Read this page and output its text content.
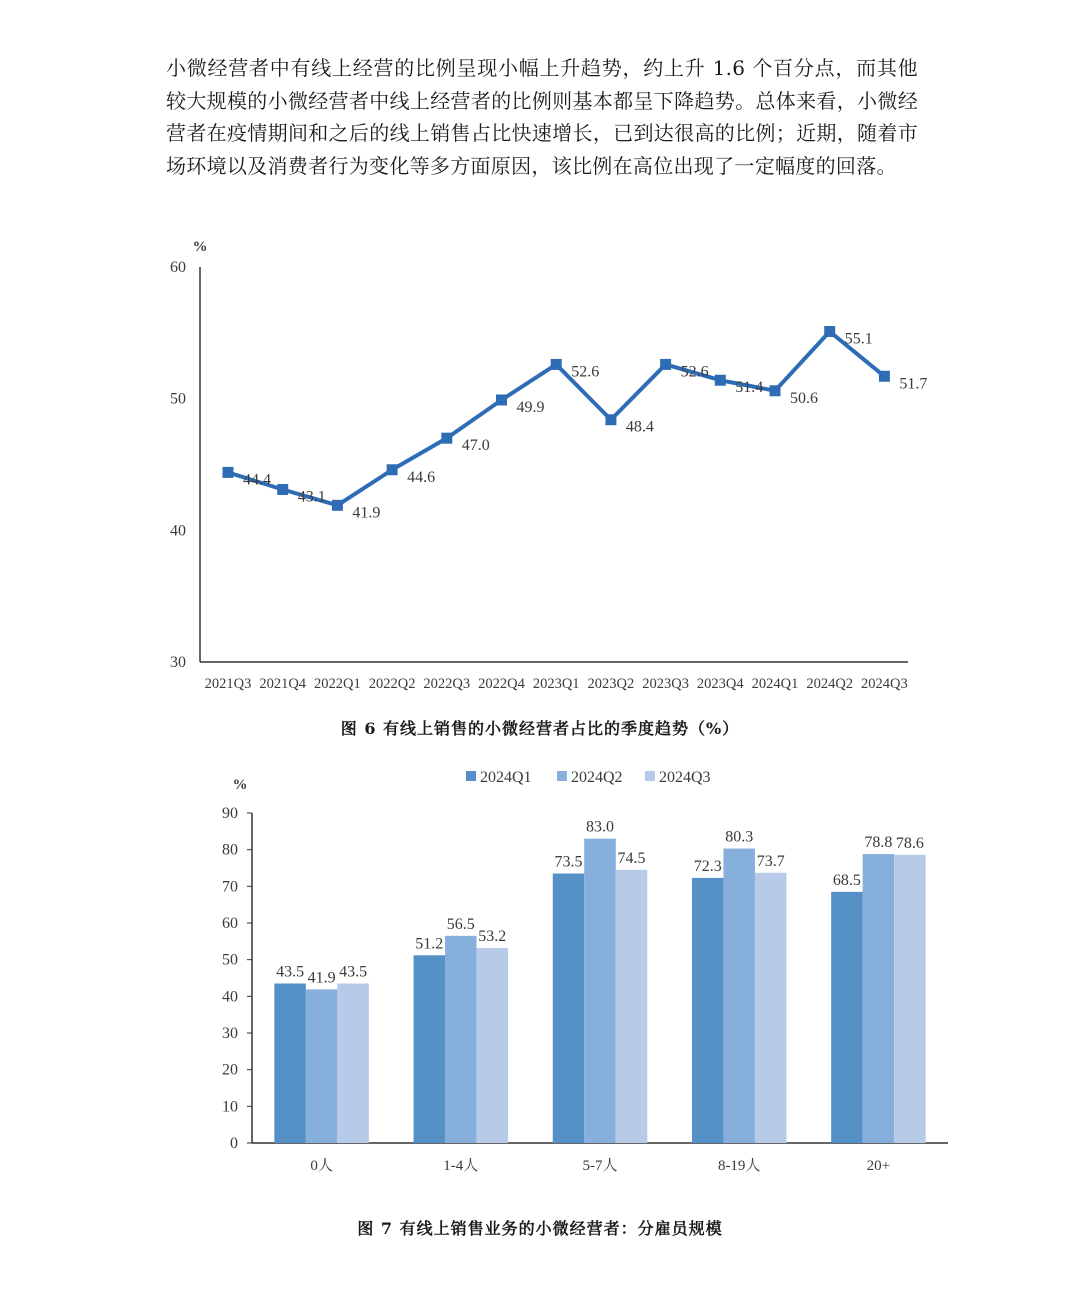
小微经营者中有线上经营的比例呈现小幅上升趋势，约上升 1.6 个百分点，而其他较大规模的小微经营者中线上经营者的比例则基本都呈下降趋势。总体来看，小微经营者在疫情期间和之后的线上销售占比快速增长，已到达很高的比例；近期，随着市场环境以及消费者行为变化等多方面原因，该比例在高位出现了一定幅度的回落。

%
30
40
50
60
2021Q3 2021Q4 2022Q1 2022Q2 2022Q3 2022Q4 2023Q1 2023Q2 2023Q3 2023Q4 2024Q1 2024Q2 2024Q3
44.4
43.1
41.9
44.6
47.0
49.9
52.6
48.4
52.6
51.4
50.6
55.1
51.7

图 6 有线上销售的小微经营者占比的季度趋势（%）

%
0
10
20
30
40
50
60
70
80
90
0人
43.5 41.9 43.5
1-4人
51.2
56.5
53.2
5-7人
73.5
83.0
74.5
8-19人
72.3
80.3
73.7
20+
68.5
78.8 78.6
2024Q1 2024Q2 2024Q3

图 7 有线上销售业务的小微经营者：分雇员规模
